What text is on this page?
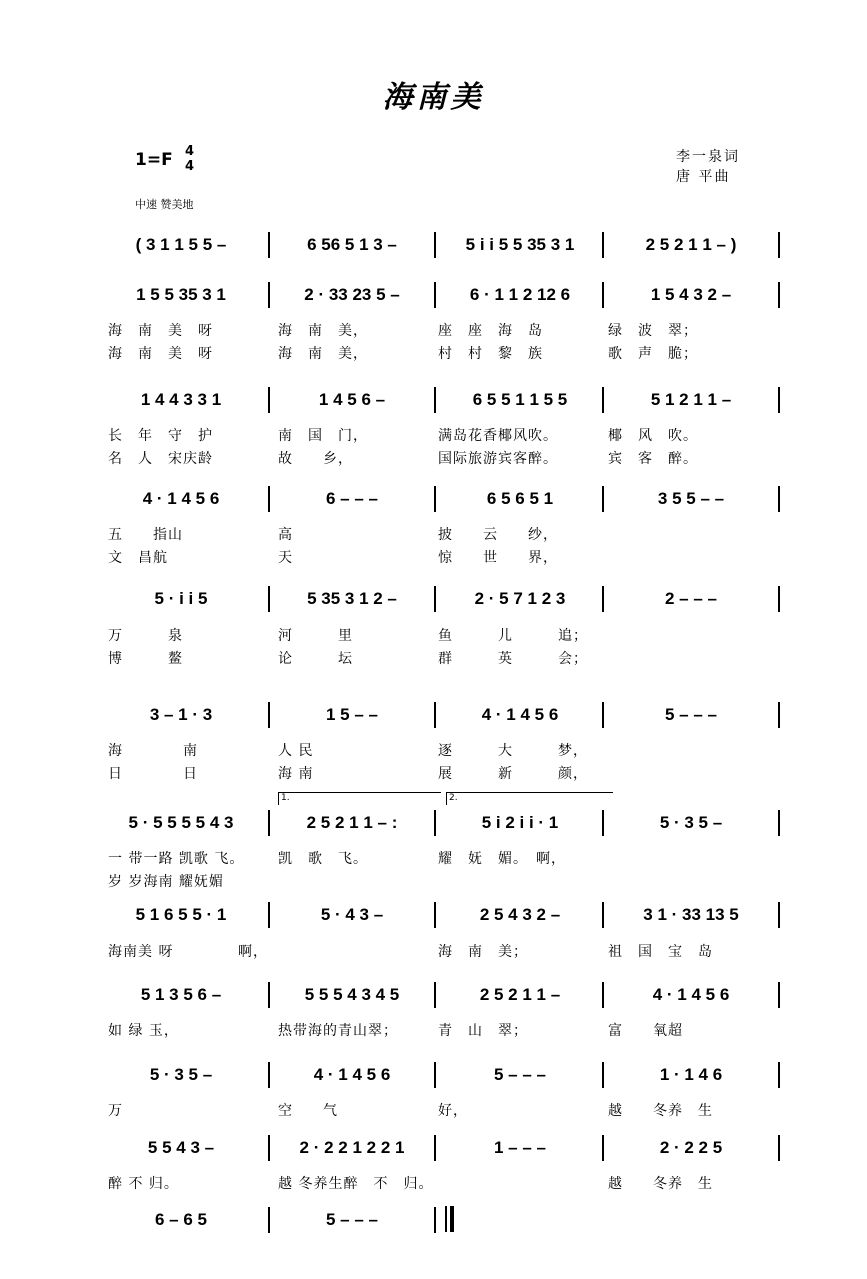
海南美
1=F 4
4
中速 赞美地
李一泉词
唐 平曲
1.	2.
( 3 1 1 5 5 –	6 56 5 1 3 –	5 i i 5 5 35 3 1	2 5 2 1 1 – )
1 5 5 35 3 1	2 · 33 23 5 –	6 · 1 1 2 12 6	1 5 4 3 2 –
1 4 4 3 3 1	1 4 5 6 –	6 5 5 1 1 5 5	5 1 2 1 1 –
4 · 1 4 5 6	6 – – –	6 5 6 5 1	3 5 5 – –
5 · i i 5	5 35 3 1 2 –	2 · 5 7 1 2 3	2 – – –
3 – 1 · 3	1 5 – –	4 · 1 4 5 6	5 – – –
5 · 5 5 5 5 4 3	2 5 2 1 1 – :	5 i 2 i i · 1	5 · 3 5 –
5 1 6 5 5 · 1	5 · 4 3 –	2 5 4 3 2 –	3 1 · 33 13 5
5 1 3 5 6 –	5 5 5 4 3 4 5	2 5 2 1 1 –	4 · 1 4 5 6
5 · 3 5 –	4 · 1 4 5 6	5 – – –	1 · 1 4 6
5 5 4 3 –	2 · 2 2 1 2 2 1	1 – – –	2 · 2 2 5
6 – 6 5	5 – – –
海　南　美　呀	海　南　美，	座　座　海　岛	绿　波　翠；
海　南　美　呀	海　南　美，	村　村　黎　族	歌　声　脆；
长　年　守　护	南　国　门，	满岛花香椰风吹。	椰　风　吹。
名　人　宋庆龄	故　　乡，	国际旅游宾客醉。	宾　客　醉。
五　　指山	高	披　　云　　纱，
文　昌航	天	惊　　世　　界，
万　　　泉	河　　　里	鱼　　　儿　　　追；
博　　　鳌	论　　　坛	群　　　英　　　会；
海　　　　南	人 民	逐　　　大　　　梦，
日　　　　日	海 南	展　　　新　　　颜，
一 带一路 凯歌 飞。 凯　歌　飞。	耀　妩　媚。　啊，
岁 岁海南 耀妩媚
海南美 呀	啊，	海　南　美；	祖　国　宝　岛
如 绿 玉，	热带海的青山翠；	青　山　翠；	富　　氧超
万	空　　气	好，	越　　冬养　生
醉 不 归。	越 冬养生醉　不　归。	越　　冬养　生
